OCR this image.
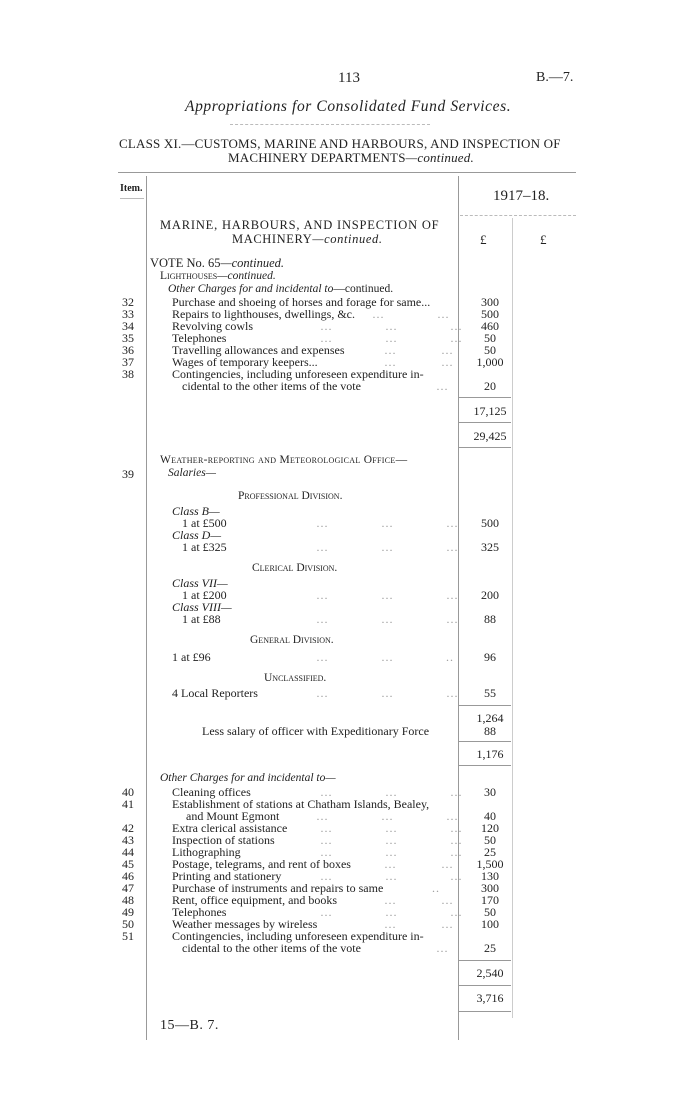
113	B.—7.
Appropriations for Consolidated Fund Services.
CLASS XI.—CUSTOMS, MARINE AND HARBOURS, AND INSPECTION OF
MACHINERY DEPARTMENTS—continued.
Item.	1917–18.
£	£
MARINE, HARBOURS, AND INSPECTION OF
MACHINERY—continued.
VOTE No. 65—continued.
Lighthouses—continued.
Other Charges for and incidental to—continued.
32	Purchase and shoeing of horses and forage for same...	300
33	Repairs to lighthouses, dwellings, &c. …             …	500
34	Revolving cowls	…             …             …	460
35	Telephones	…             …             …	50
36	Travelling allowances and expenses	…           …	50
37	Wages of temporary keepers...	…           …	1,000
38	Contingencies, including unforeseen expenditure in-
cidental to the other items of the vote	…	20
17,125
29,425
Weather-reporting and Meteorological Office—
39	Salaries—
Professional Division.
Class B—
1 at £500	…             …             …	500
Class D—
1 at £325	…             …             …	325
Clerical Division.
Class VII—
1 at £200	…             …             …	200
Class VIII—
1 at £88	…             …             …	88
General Division.
1 at £96	…             …             ..	96
Unclassified.
4 Local Reporters	…             …             …	55
1,264
Less salary of officer with Expeditionary Force	88
1,176
Other Charges for and incidental to—
40	Cleaning offices	…             …             …	30
41	Establishment of stations at Chatham Islands, Bealey,
and Mount Egmont	…             …             …	40
42	Extra clerical assistance	…             …             …	120
43	Inspection of stations	…             …             …	50
44	Lithographing	…             …             …	25
45	Postage, telegrams, and rent of boxes	…           …	1,500
46	Printing and stationery	…             …             …	130
47	Purchase of instruments and repairs to same	..	300
48	Rent, office equipment, and books	…           …	170
49	Telephones	…             …             …	50
50	Weather messages by wireless	…           …	100
51	Contingencies, including unforeseen expenditure in-
cidental to the other items of the vote	…	25
2,540
3,716
15—B. 7.
